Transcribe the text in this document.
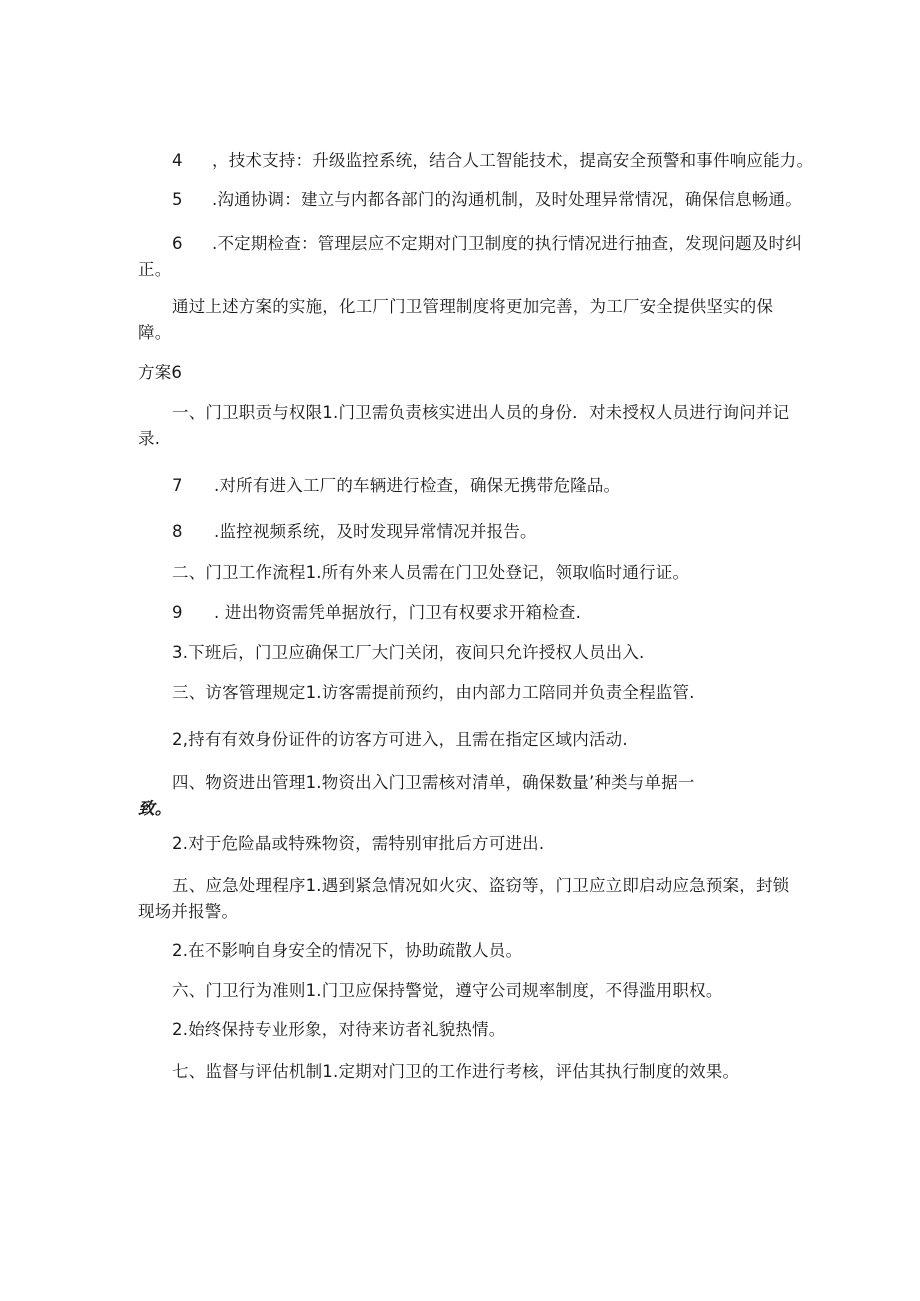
4 ，技术支持：升级监控系统，结合人工智能技术，提高安全预警和事件响应能力。
5 .沟通协调：建立与内都各部门的沟通机制，及时处理异常情况，确保信息畅通。
6 .不定期检查：管理层应不定期对门卫制度的执行情况进行抽查，发现问题及时纠
正。
通过上述方案的实施，化工厂门卫管理制度将更加完善，为工厂安全提供坚实的保
障。
方案6
一、门卫职贡与权限1.门卫需负责核实进出人员的身份．对未授权人员进行询问并记
录.
7 .对所有进入工厂的车辆进行检查，确保无携带危隆品。
8 .监控视频系统，及时发现异常情况并报告。
二、门卫工作流程1.所有外来人员需在门卫处登记，领取临时通行证。
9 . 进出物资需凭单据放行，门卫有权要求开箱检查.
3.下班后，门卫应确保工厂大门关闭，夜间只允许授权人员出入.
三、访客管理规定1.访客需提前预约，由内部力工陪同并负责全程监管.
2,持有有效身份证件的访客方可进入，且需在指定区域内活动.
四、物资进出管理1.物资出入门卫需核对清单，确保数量’种类与单据一
致。
2.对于危险晶或特殊物资，需特别审批后方可进出.
五、应急处理程序1.遇到紧急情况如火灾、盗窃等，门卫应立即启动应急预案，封锁
现场并报警。
2.在不影响自身安全的情况下，协助疏散人员。
六、门卫行为准则1.门卫应保持警觉，遵守公司规率制度，不得滥用职权。
2.始终保持专业形象，对待来访者礼貌热情。
七、监督与评估机制1.定期对门卫的工作进行考核，评估其执行制度的效果。
